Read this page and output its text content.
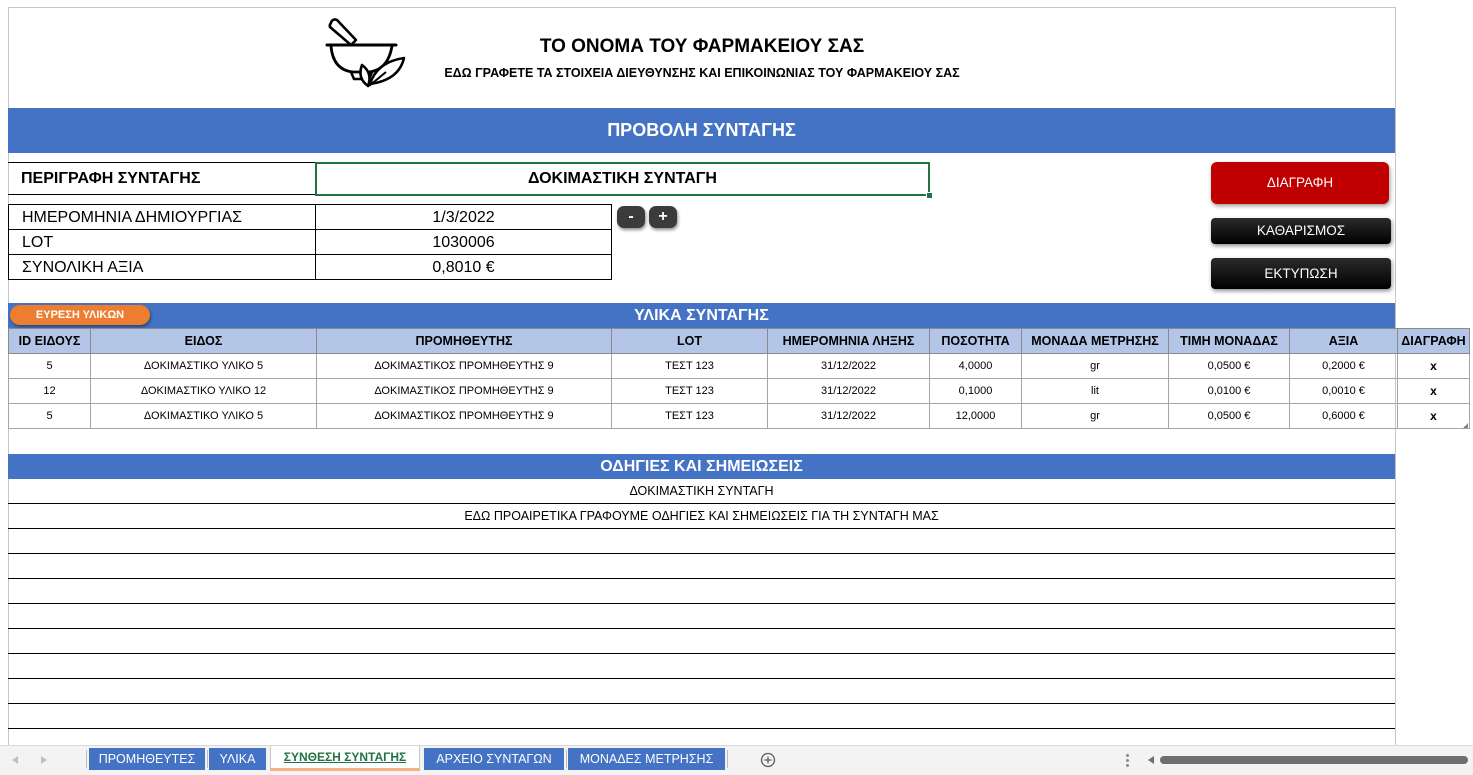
ΤΟ ΟΝΟΜΑ ΤΟΥ ΦΑΡΜΑΚΕΙΟΥ ΣΑΣ
ΕΔΩ ΓΡΑΦΕΤΕ ΤΑ ΣΤΟΙΧΕΙΑ ΔΙΕΥΘΥΝΣΗΣ ΚΑΙ ΕΠΙΚΟΙΝΩΝΙΑΣ ΤΟΥ ΦΑΡΜΑΚΕΙΟΥ ΣΑΣ
ΠΡΟΒΟΛΗ ΣΥΝΤΑΓΗΣ
ΠΕΡΙΓΡΑΦΗ ΣΥΝΤΑΓΗΣ	ΔΟΚΙΜΑΣΤΙΚΗ ΣΥΝΤΑΓΗ
ΗΜΕΡΟΜΗΝΙΑ ΔΗΜΙΟΥΡΓΙΑΣ	1/3/2022
LOT	1030006
ΣΥΝΟΛΙΚΗ ΑΞΙΑ	0,8010 €
-	+
ΔΙΑΓΡΑΦΗ
ΚΑΘΑΡΙΣΜΟΣ
ΕΚΤΥΠΩΣΗ
ΥΛΙΚΑ ΣΥΝΤΑΓΗΣ
ΕΥΡΕΣΗ ΥΛΙΚΩΝ
ID ΕΙΔΟΥΣ	ΕΙΔΟΣ	ΠΡΟΜΗΘΕΥΤΗΣ	LOT	ΗΜΕΡΟΜΗΝΙΑ ΛΗΞΗΣ	ΠΟΣΟΤΗΤΑ	ΜΟΝΑΔΑ ΜΕΤΡΗΣΗΣ	ΤΙΜΗ ΜΟΝΑΔΑΣ	ΑΞΙΑ	ΔΙΑΓΡΑΦΗ
5	ΔΟΚΙΜΑΣΤΙΚΟ ΥΛΙΚΟ 5	ΔΟΚΙΜΑΣΤΙΚΟΣ ΠΡΟΜΗΘΕΥΤΗΣ 9	ΤΕΣΤ 123	31/12/2022	4,0000	gr	0,0500 €	0,2000 €	x
12	ΔΟΚΙΜΑΣΤΙΚΟ ΥΛΙΚΟ 12	ΔΟΚΙΜΑΣΤΙΚΟΣ ΠΡΟΜΗΘΕΥΤΗΣ 9	ΤΕΣΤ 123	31/12/2022	0,1000	lit	0,0100 €	0,0010 €	x
5	ΔΟΚΙΜΑΣΤΙΚΟ ΥΛΙΚΟ 5	ΔΟΚΙΜΑΣΤΙΚΟΣ ΠΡΟΜΗΘΕΥΤΗΣ 9	ΤΕΣΤ 123	31/12/2022	12,0000	gr	0,0500 €	0,6000 €	x
ΟΔΗΓΙΕΣ ΚΑΙ ΣΗΜΕΙΩΣΕΙΣ
ΔΟΚΙΜΑΣΤΙΚΗ ΣΥΝΤΑΓΗ
ΕΔΩ ΠΡΟΑΙΡΕΤΙΚΑ ΓΡΑΦΟΥΜΕ ΟΔΗΓΙΕΣ ΚΑΙ ΣΗΜΕΙΩΣΕΙΣ ΓΙΑ ΤΗ ΣΥΝΤΑΓΗ ΜΑΣ
ΠΡΟΜΗΘΕΥΤΕΣ	ΥΛΙΚΑ	ΣΥΝΘΕΣΗ ΣΥΝΤΑΓΗΣ	ΑΡΧΕΙΟ ΣΥΝΤΑΓΩΝ	ΜΟΝΑΔΕΣ ΜΕΤΡΗΣΗΣ
